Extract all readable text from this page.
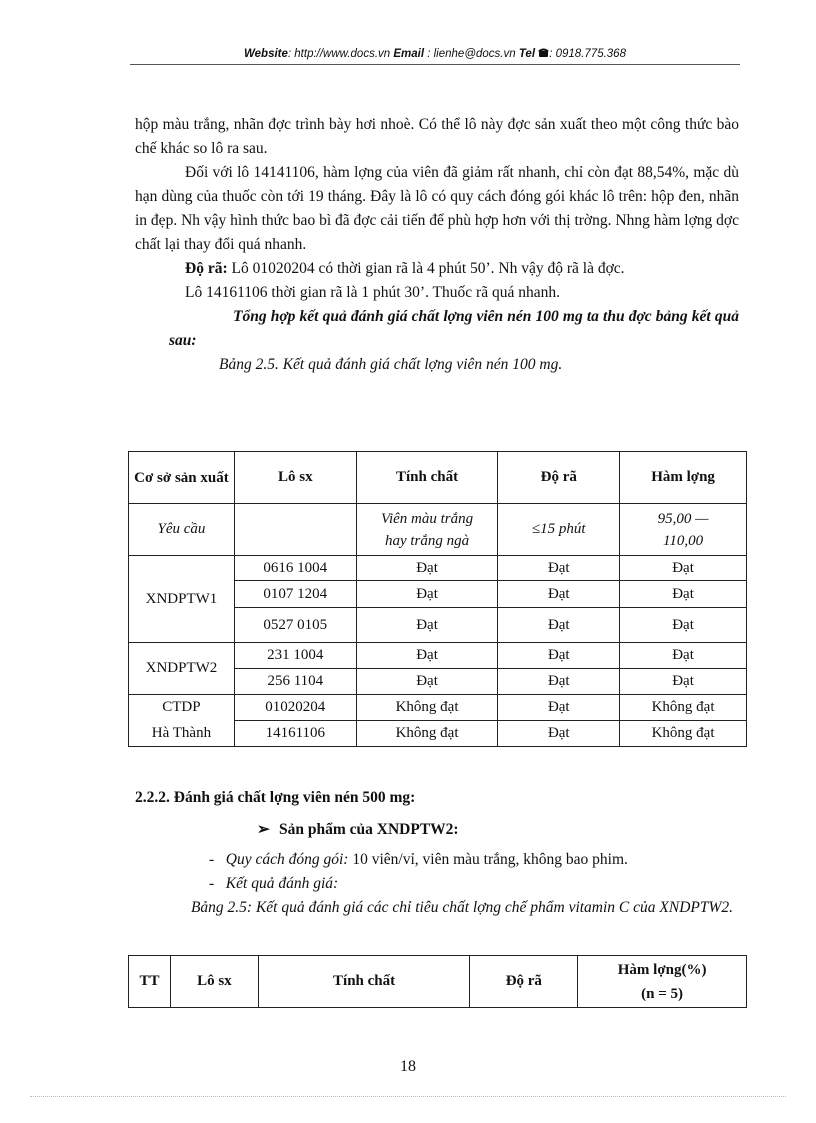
Website: http://www.docs.vn Email : lienhe@docs.vn Tel : 0918.775.368

hộp màu trắng, nhãn đợc trình bày hơi nhoè. Có thể lô này đợc sản xuất theo một công thức bào chế khác so lô ra sau.

Đối với lô 14141106, hàm lợng của viên đã giảm rất nhanh, chỉ còn đạt 88,54%, mặc dù hạn dùng của thuốc còn tới 19 tháng. Đây là lô có quy cách đóng gói khác lô trên: hộp đen, nhãn in đẹp. Nh vậy hình thức bao bì đã đợc cải tiến để phù hợp hơn với thị trờng. Nhng hàm lợng dợc chất lại thay đổi quá nhanh.

Độ rã: Lô 01020204 có thời gian rã là 4 phút 50’. Nh vậy độ rã là đợc.

Lô 14161106 thời gian rã là 1 phút 30’. Thuốc rã quá nhanh.

Tổng hợp kết quả đánh giá chất lợng viên nén 100 mg ta thu đợc bảng kết quả sau:

Bảng 2.5. Kết quả đánh giá chất lợng viên nén 100 mg.

Cơ sở sản xuất	Lô sx	Tính chất	Độ rã	Hàm lợng
Yêu cầu		Viên màu trắng hay trắng ngà	≤15 phút	95,00 — 110,00
XNDPTW1	0616 1004	Đạt	Đạt	Đạt
	0107 1204	Đạt	Đạt	Đạt
	0527 0105	Đạt	Đạt	Đạt
XNDPTW2	231 1004	Đạt	Đạt	Đạt
	256 1104	Đạt	Đạt	Đạt
CTDP	01020204	Không đạt	Đạt	Không đạt
Hà Thành	14161106	Không đạt	Đạt	Không đạt

2.2.2. Đánh giá chất lợng viên nén 500 mg:

➢ Sản phẩm của XNDPTW2:

-   Quy cách đóng gói: 10 viên/vỉ, viên màu trắng, không bao phim.

-   Kết quả đánh giá:

Bảng 2.5: Kết quả đánh giá các chỉ tiêu chất lợng chế phẩm vitamin C của XNDPTW2.

TT	Lô sx	Tính chất	Độ rã	Hàm lợng(%)
(n = 5)
18
